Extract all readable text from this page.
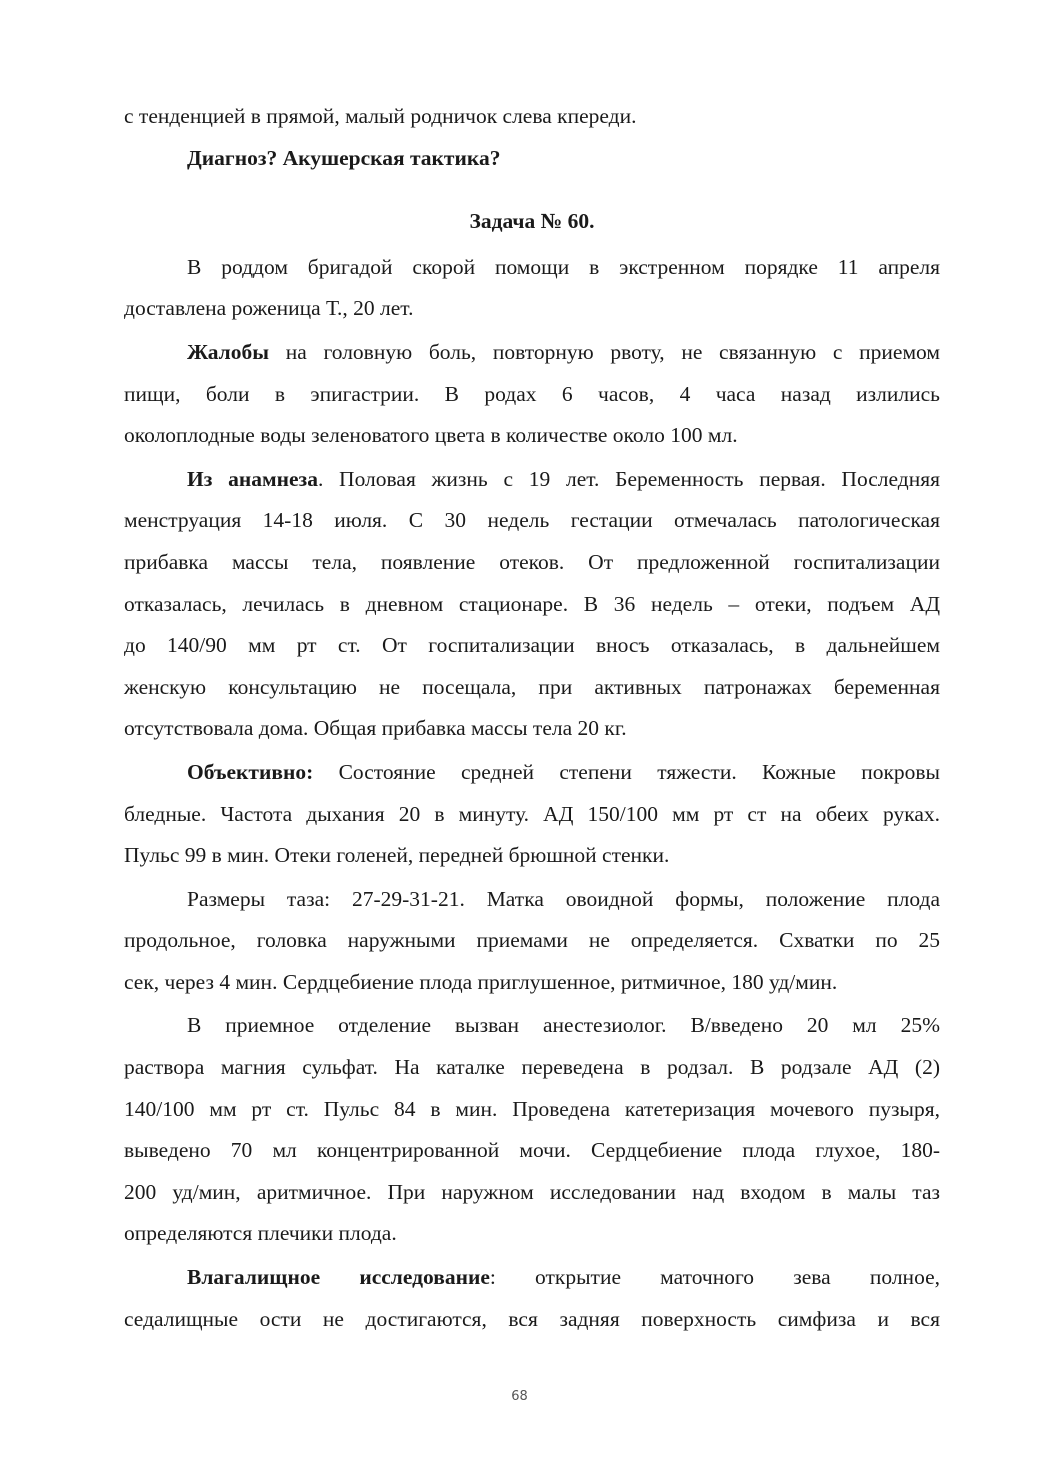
с тенденцией в прямой, малый родничок слева кпереди.
Диагноз? Акушерская тактика?
Задача № 60.
В роддом бригадой скорой помощи в экстренном порядке 11 апреля
доставлена роженица Т., 20 лет.
Жалобы на головную боль, повторную рвоту, не связанную с приемом
пищи, боли в эпигастрии. В родах 6 часов, 4 часа назад излились
околоплодные воды зеленоватого цвета в количестве около 100 мл.
Из анамнеза. Половая жизнь с 19 лет. Беременность первая. Последняя
менструация 14-18 июля. С 30 недель гестации отмечалась патологическая
прибавка массы тела, появление отеков. От предложенной госпитализации
отказалась, лечилась в дневном стационаре. В 36 недель – отеки, подъем АД
до 140/90 мм рт ст. От госпитализации вносъ отказалась, в дальнейшем
женскую консультацию не посещала, при активных патронажах беременная
отсутствовала дома. Общая прибавка массы тела 20 кг.
Объективно: Состояние средней степени тяжести. Кожные покровы
бледные. Частота дыхания 20 в минуту. АД 150/100 мм рт ст на обеих руках.
Пульс 99 в мин. Отеки голеней, передней брюшной стенки.
Размеры таза: 27-29-31-21. Матка овоидной формы, положение плода
продольное, головка наружными приемами не определяется. Схватки по 25
сек, через 4 мин. Сердцебиение плода приглушенное, ритмичное, 180 уд/мин.
В приемное отделение вызван анестезиолог. В/введено 20 мл 25%
раствора магния сульфат. На каталке переведена в родзал. В родзале АД (2)
140/100 мм рт ст. Пульс 84 в мин. Проведена катетеризация мочевого пузыря,
выведено 70 мл концентрированной мочи. Сердцебиение плода глухое, 180-
200 уд/мин, аритмичное. При наружном исследовании над входом в малы таз
определяются плечики плода.
Влагалищное исследование: открытие маточного зева полное,
седалищные ости не достигаются, вся задняя поверхность симфиза и вся
68
